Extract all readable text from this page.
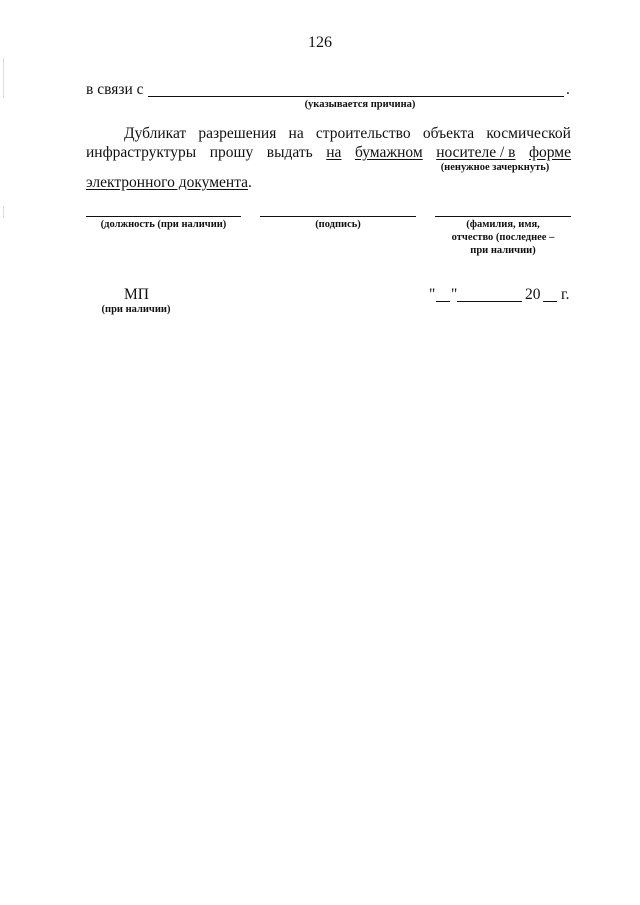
126
в связи с	.
(указывается причина)
Дубликат разрешения на строительство объекта космической
инфраструктуры прошу выдать на бумажном носителе / в форме
(ненужное зачеркнуть)
электронного документа.
(должность (при наличии)	(подпись)	(фамилия, имя,
отчество (последнее –
при наличии)
МП
(при наличии)
" "	20 г.
